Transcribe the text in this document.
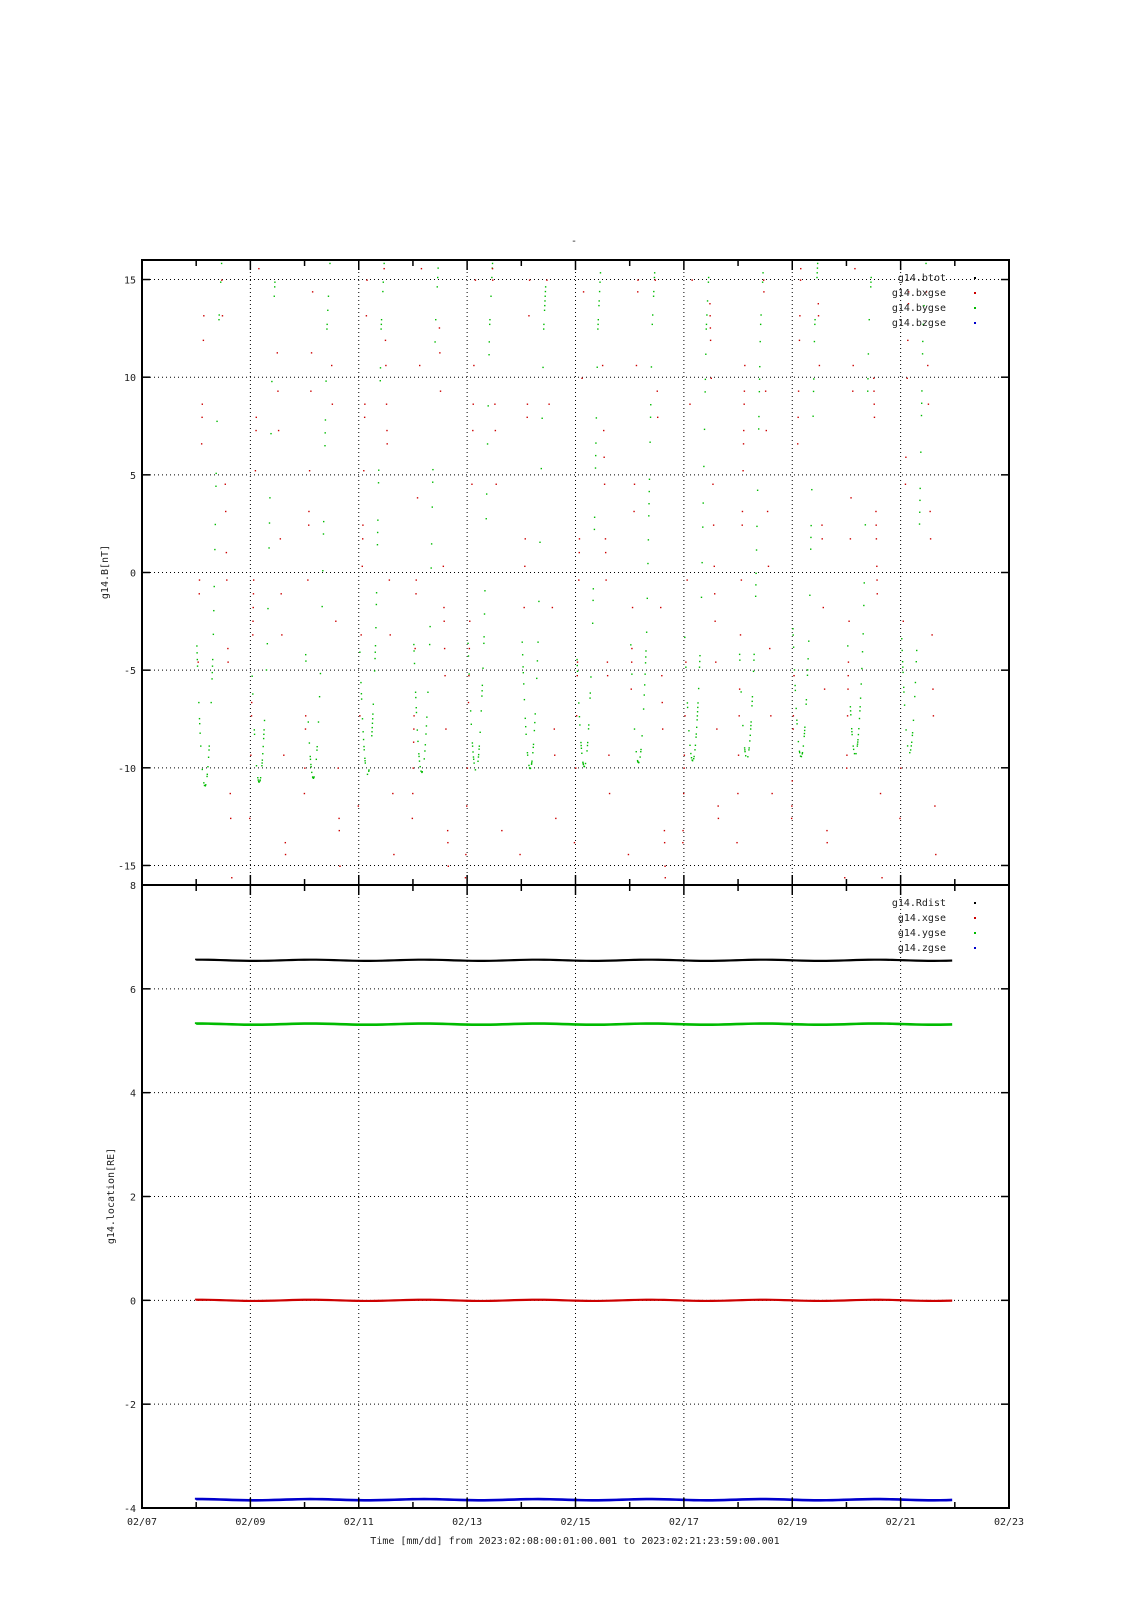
-
-15
-10
-5
0
5
10
15
g14.B[nT]
g14.btot
g14.bxgse
g14.bygse
g14.bzgse
-4
-2
0
2
4
6
8
g14.location[RE]
g14.Rdist
g14.xgse
g14.ygse
g14.zgse
02/07	02/09	02/11	02/13	02/15	02/17	02/19	02/21	02/23
Time [mm/dd] from 2023:02:08:00:01:00.001 to 2023:02:21:23:59:00.001
